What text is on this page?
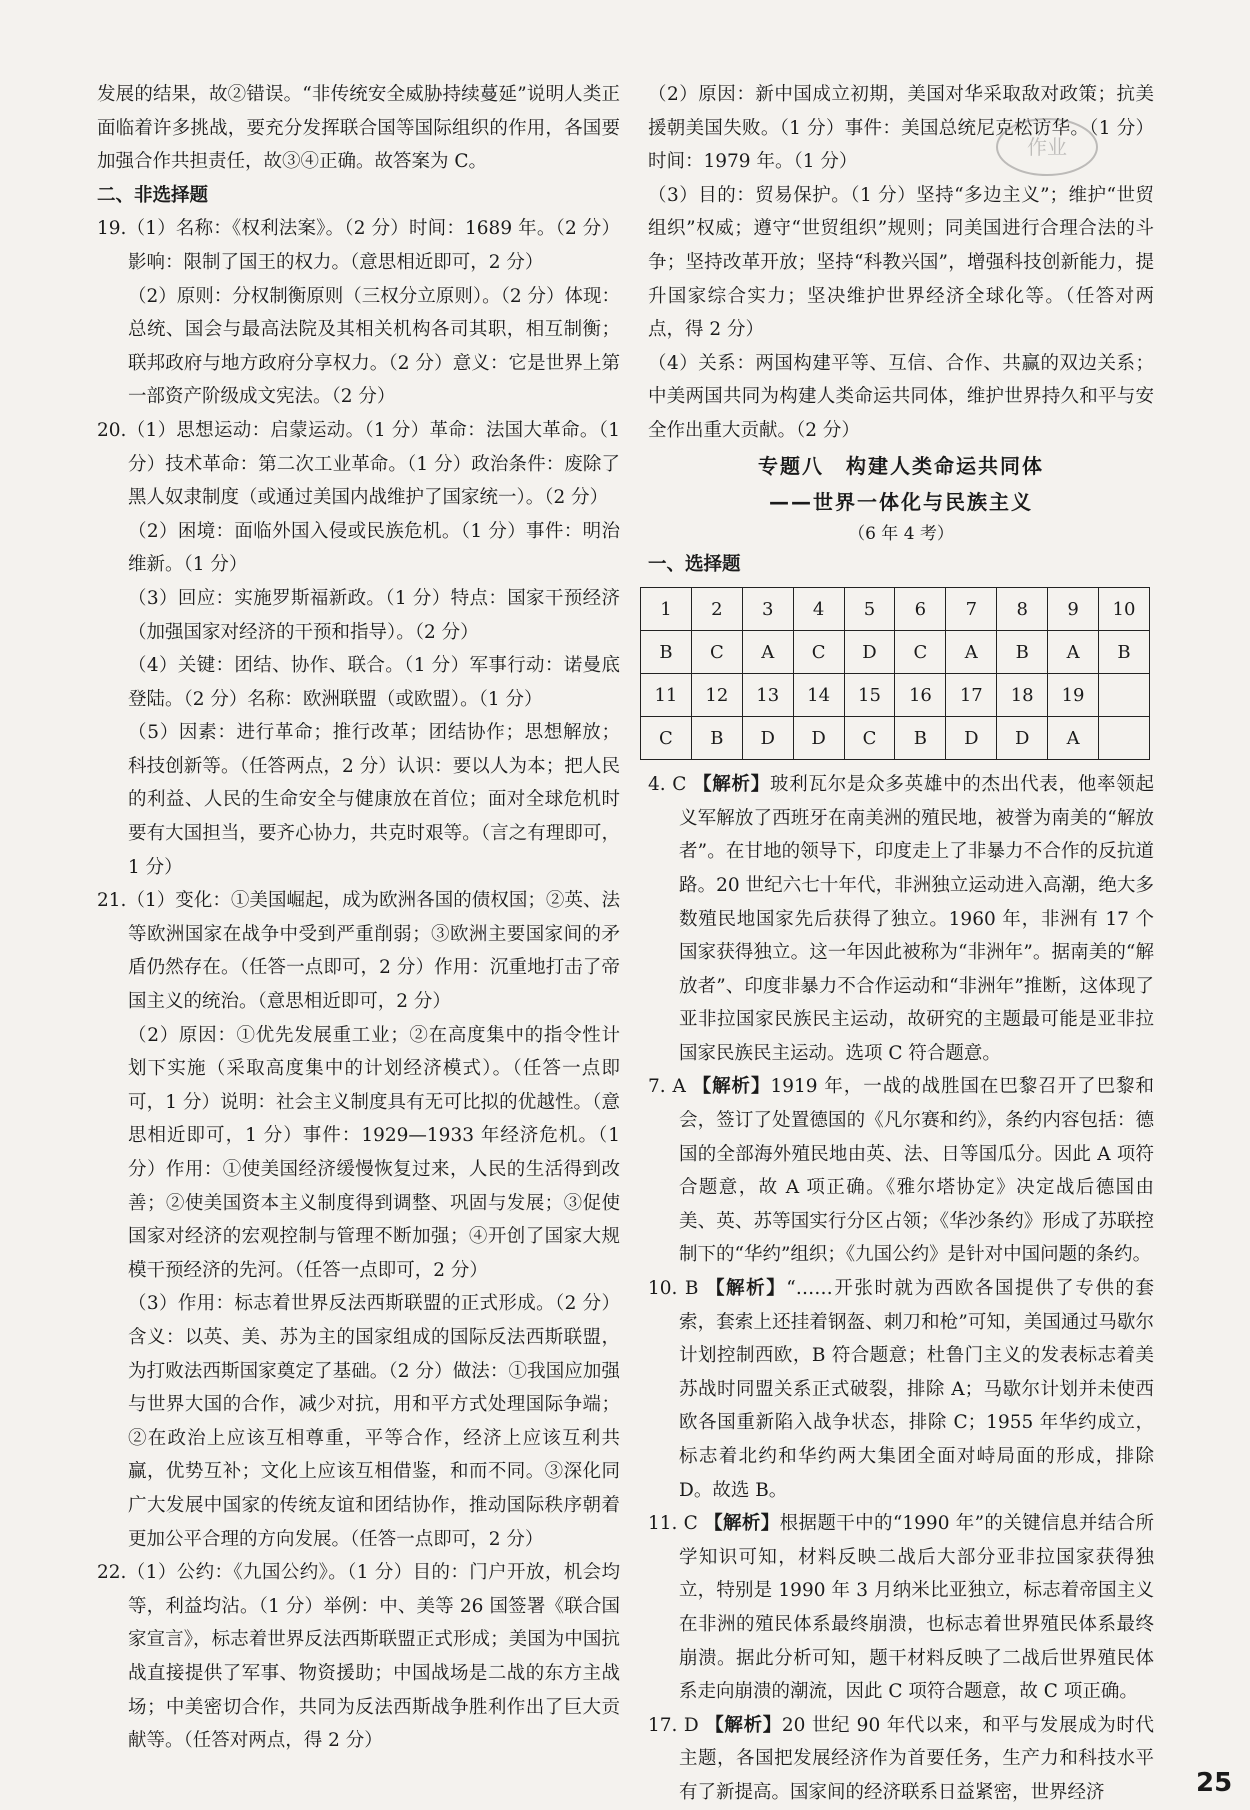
发展的结果，故②错误。“非传统安全威胁持续蔓延”说明人类正面临着许多挑战，要充分发挥联合国等国际组织的作用，各国要加强合作共担责任，故③④正确。故答案为 C。

二、非选择题

19.（1）名称：《权利法案》。（2 分）时间：1689 年。（2 分）影响：限制了国王的权力。（意思相近即可，2 分）

（2）原则：分权制衡原则（三权分立原则）。（2 分）体现：总统、国会与最高法院及其相关机构各司其职，相互制衡；联邦政府与地方政府分享权力。（2 分）意义：它是世界上第一部资产阶级成文宪法。（2 分）

20.（1）思想运动：启蒙运动。（1 分）革命：法国大革命。（1 分）技术革命：第二次工业革命。（1 分）政治条件：废除了黑人奴隶制度（或通过美国内战维护了国家统一）。（2 分）

（2）困境：面临外国入侵或民族危机。（1 分）事件：明治维新。（1 分）

（3）回应：实施罗斯福新政。（1 分）特点：国家干预经济（加强国家对经济的干预和指导）。（2 分）

（4）关键：团结、协作、联合。（1 分）军事行动：诺曼底登陆。（2 分）名称：欧洲联盟（或欧盟）。（1 分）

（5）因素：进行革命；推行改革；团结协作；思想解放；科技创新等。（任答两点，2 分）认识：要以人为本；把人民的利益、人民的生命安全与健康放在首位；面对全球危机时要有大国担当，要齐心协力，共克时艰等。（言之有理即可，1 分）

21.（1）变化：①美国崛起，成为欧洲各国的债权国；②英、法等欧洲国家在战争中受到严重削弱；③欧洲主要国家间的矛盾仍然存在。（任答一点即可，2 分）作用：沉重地打击了帝国主义的统治。（意思相近即可，2 分）

（2）原因：①优先发展重工业；②在高度集中的指令性计划下实施（采取高度集中的计划经济模式）。（任答一点即可，1 分）说明：社会主义制度具有无可比拟的优越性。（意思相近即可，1 分）事件：1929—1933 年经济危机。（1 分）作用：①使美国经济缓慢恢复过来，人民的生活得到改善；②使美国资本主义制度得到调整、巩固与发展；③促使国家对经济的宏观控制与管理不断加强；④开创了国家大规模干预经济的先河。（任答一点即可，2 分）

（3）作用：标志着世界反法西斯联盟的正式形成。（2 分）含义：以英、美、苏为主的国家组成的国际反法西斯联盟，为打败法西斯国家奠定了基础。（2 分）做法：①我国应加强与世界大国的合作，减少对抗，用和平方式处理国际争端；②在政治上应该互相尊重，平等合作，经济上应该互利共赢，优势互补；文化上应该互相借鉴，和而不同。③深化同广大发展中国家的传统友谊和团结协作，推动国际秩序朝着更加公平合理的方向发展。（任答一点即可，2 分）

22.（1）公约：《九国公约》。（1 分）目的：门户开放，机会均等，利益均沾。（1 分）举例：中、美等 26 国签署《联合国家宣言》，标志着世界反法西斯联盟正式形成；美国为中国抗战直接提供了军事、物资援助；中国战场是二战的东方主战场；中美密切合作，共同为反法西斯战争胜利作出了巨大贡献等。（任答对两点，得 2 分）

（2）原因：新中国成立初期，美国对华采取敌对政策；抗美援朝美国失败。（1 分）事件：美国总统尼克松访华。（1 分）时间：1979 年。（1 分）

（3）目的：贸易保护。（1 分）坚持“多边主义”；维护“世贸组织”权威；遵守“世贸组织”规则；同美国进行合理合法的斗争；坚持改革开放；坚持“科教兴国”，增强科技创新能力，提升国家综合实力；坚决维护世界经济全球化等。（任答对两点，得 2 分）

（4）关系：两国构建平等、互信、合作、共赢的双边关系；中美两国共同为构建人类命运共同体，维护世界持久和平与安全作出重大贡献。（2 分）

专题八　构建人类命运共同体
——世界一体化与民族主义
（6 年 4 考）
一、选择题
1	2	3	4	5	6	7	8	9	10
B	C	A	C	D	C	A	B	A	B
11	12	13	14	15	16	17	18	19	
C	B	D	D	C	B	D	D	A	

4. C 【解析】玻利瓦尔是众多英雄中的杰出代表，他率领起义军解放了西班牙在南美洲的殖民地，被誉为南美的“解放者”。在甘地的领导下，印度走上了非暴力不合作的反抗道路。20 世纪六七十年代，非洲独立运动进入高潮，绝大多数殖民地国家先后获得了独立。1960 年，非洲有 17 个国家获得独立。这一年因此被称为“非洲年”。据南美的“解放者”、印度非暴力不合作运动和“非洲年”推断，这体现了亚非拉国家民族民主运动，故研究的主题最可能是亚非拉国家民族民主运动。选项 C 符合题意。

7. A 【解析】1919 年，一战的战胜国在巴黎召开了巴黎和会，签订了处置德国的《凡尔赛和约》，条约内容包括：德国的全部海外殖民地由英、法、日等国瓜分。因此 A 项符合题意，故 A 项正确。《雅尔塔协定》决定战后德国由美、英、苏等国实行分区占领；《华沙条约》形成了苏联控制下的“华约”组织；《九国公约》是针对中国问题的条约。

10. B 【解析】“……开张时就为西欧各国提供了专供的套索，套索上还挂着钢盔、刺刀和枪”可知，美国通过马歇尔计划控制西欧，B 符合题意；杜鲁门主义的发表标志着美苏战时同盟关系正式破裂，排除 A；马歇尔计划并未使西欧各国重新陷入战争状态，排除 C；1955 年华约成立，标志着北约和华约两大集团全面对峙局面的形成，排除 D。故选 B。

11. C 【解析】根据题干中的“1990 年”的关键信息并结合所学知识可知，材料反映二战后大部分亚非拉国家获得独立，特别是 1990 年 3 月纳米比亚独立，标志着帝国主义在非洲的殖民体系最终崩溃，也标志着世界殖民体系最终崩溃。据此分析可知，题干材料反映了二战后世界殖民体系走向崩溃的潮流，因此 C 项符合题意，故 C 项正确。

17. D 【解析】20 世纪 90 年代以来，和平与发展成为时代主题，各国把发展经济作为首要任务，生产力和科技水平有了新提高。国家间的经济联系日益紧密，世界经济

作业
25
